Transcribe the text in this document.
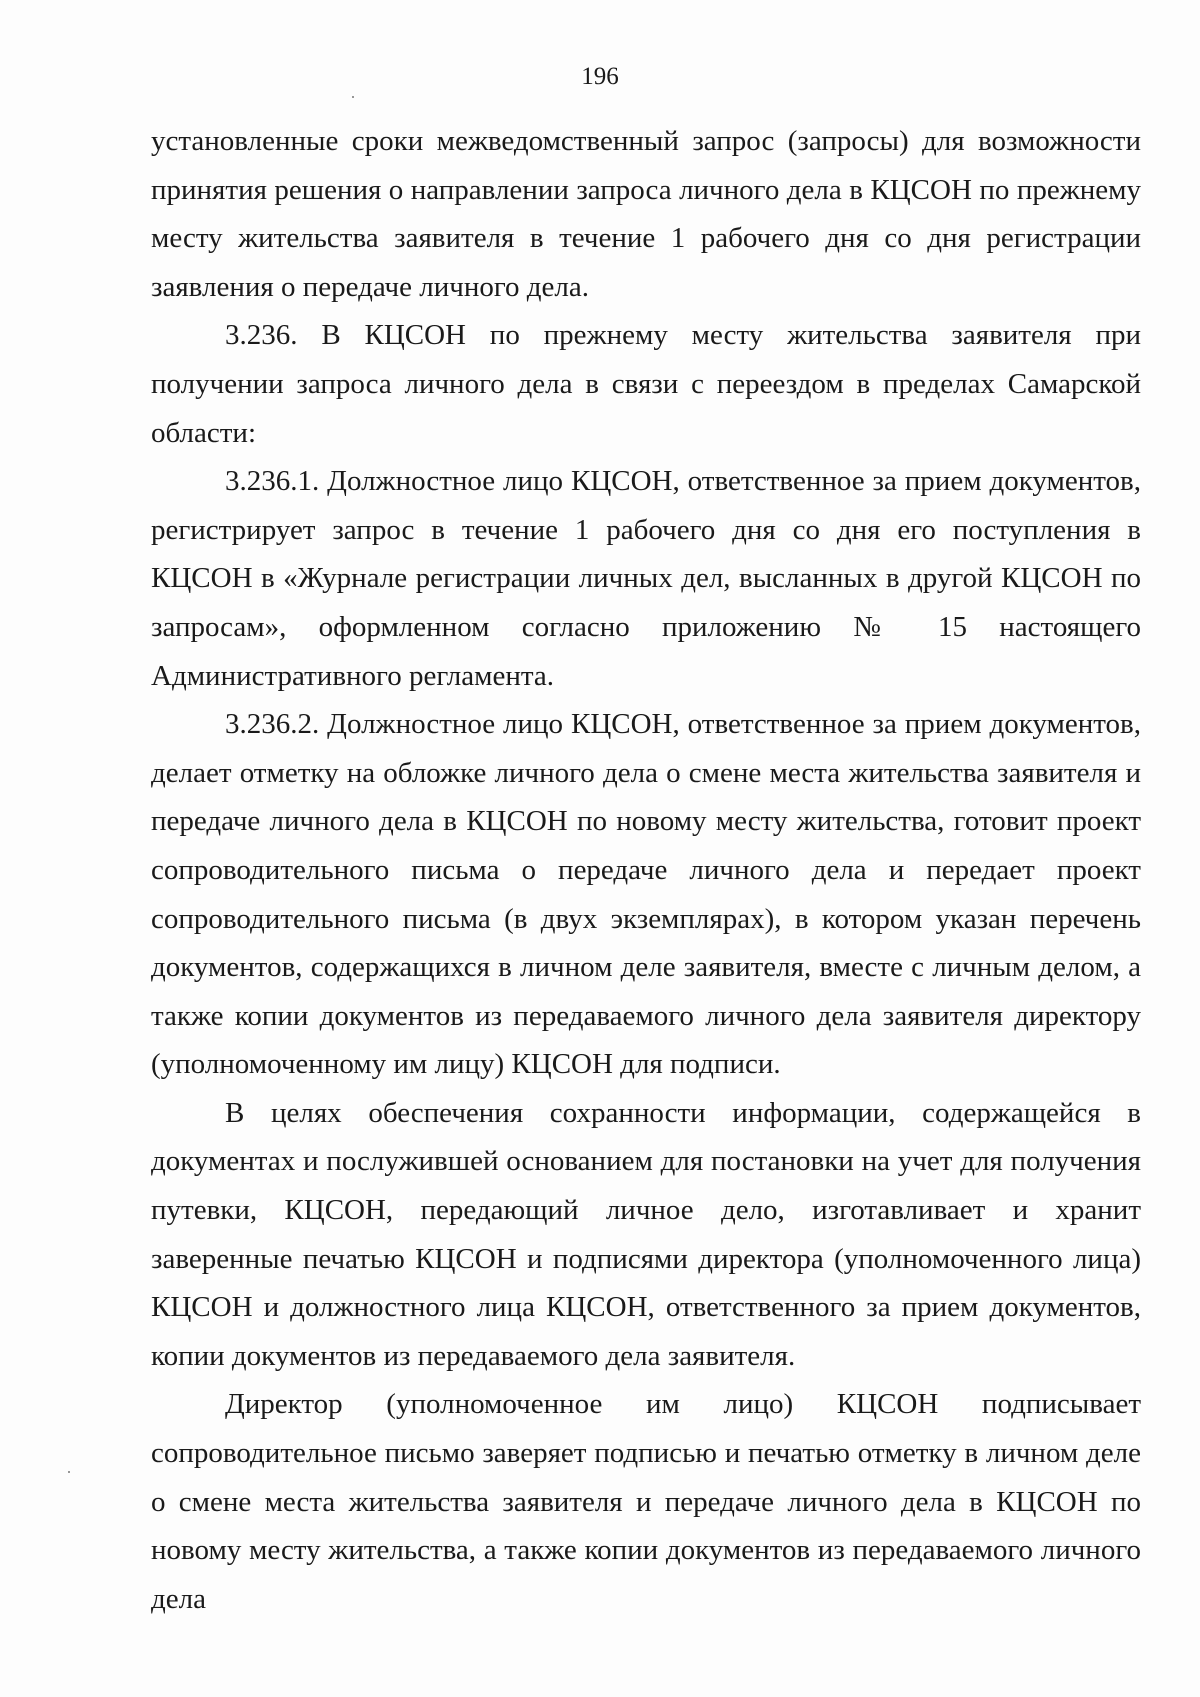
196

установленные сроки межведомственный запрос (запросы) для возможности принятия решения о направлении запроса личного дела в КЦСОН по прежнему месту жительства заявителя в течение 1 рабочего дня со дня регистрации заявления о передаче личного дела.

3.236. В КЦСОН по прежнему месту жительства заявителя при получении запроса личного дела в связи с переездом в пределах Самарской области:

3.236.1. Должностное лицо КЦСОН, ответственное за прием документов, регистрирует запрос в течение 1 рабочего дня со дня его поступления в КЦСОН в «Журнале регистрации личных дел, высланных в другой КЦСОН по запросам», оформленном согласно приложению № 15 настоящего Административного регламента.

3.236.2. Должностное лицо КЦСОН, ответственное за прием документов, делает отметку на обложке личного дела о смене места жительства заявителя и передаче личного дела в КЦСОН по новому месту жительства, готовит проект сопроводительного письма о передаче личного дела и передает проект сопроводительного письма (в двух экземплярах), в котором указан перечень документов, содержащихся в личном деле заявителя, вместе с личным делом, а также копии документов из передаваемого личного дела заявителя директору (уполномоченному им лицу) КЦСОН для подписи.

В целях обеспечения сохранности информации, содержащейся в документах и послужившей основанием для постановки на учет для получения путевки, КЦСОН, передающий личное дело, изготавливает и хранит заверенные печатью КЦСОН и подписями директора (уполномоченного лица) КЦСОН и должностного лица КЦСОН, ответственного за прием документов, копии документов из передаваемого дела заявителя.

Директор (уполномоченное им лицо) КЦСОН подписывает сопроводительное письмо заверяет подписью и печатью отметку в личном деле о смене места жительства заявителя и передаче личного дела в КЦСОН по новому месту жительства, а также копии документов из передаваемого личного дела
